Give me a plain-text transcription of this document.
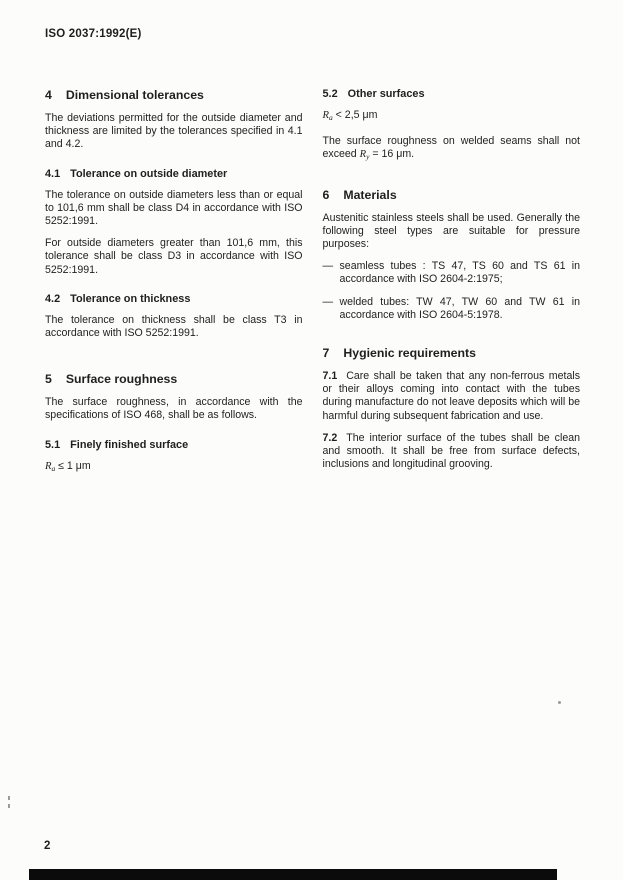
ISO 2037:1992(E)
4 Dimensional tolerances

The deviations permitted for the outside diameter and thickness are limited by the tolerances specified in 4.1 and 4.2.

4.1 Tolerance on outside diameter

The tolerance on outside diameters less than or equal to 101,6 mm shall be class D4 in accordance with ISO 5252:1991.

For outside diameters greater than 101,6 mm, this tolerance shall be class D3 in accordance with ISO 5252:1991.

4.2 Tolerance on thickness

The tolerance on thickness shall be class T3 in accordance with ISO 5252:1991.

5 Surface roughness

The surface roughness, in accordance with the specifications of ISO 468, shall be as follows.

5.1 Finely finished surface
Ra ≤ 1 μm
5.2 Other surfaces
Ra < 2,5 μm

The surface roughness on welded seams shall not exceed Ry = 16 μm.

6 Materials

Austenitic stainless steels shall be used. Generally the following steel types are suitable for pressure purposes:

— seamless tubes : TS 47, TS 60 and TS 61 in accordance with ISO 2604-2:1975;

— welded tubes: TW 47, TW 60 and TW 61 in accordance with ISO 2604-5:1978.

7 Hygienic requirements

7.1 Care shall be taken that any non-ferrous metals or their alloys coming into contact with the tubes during manufacture do not leave deposits which will be harmful during subsequent fabrication and use.

7.2 The interior surface of the tubes shall be clean and smooth. It shall be free from surface defects, inclusions and longitudinal grooving.

2
